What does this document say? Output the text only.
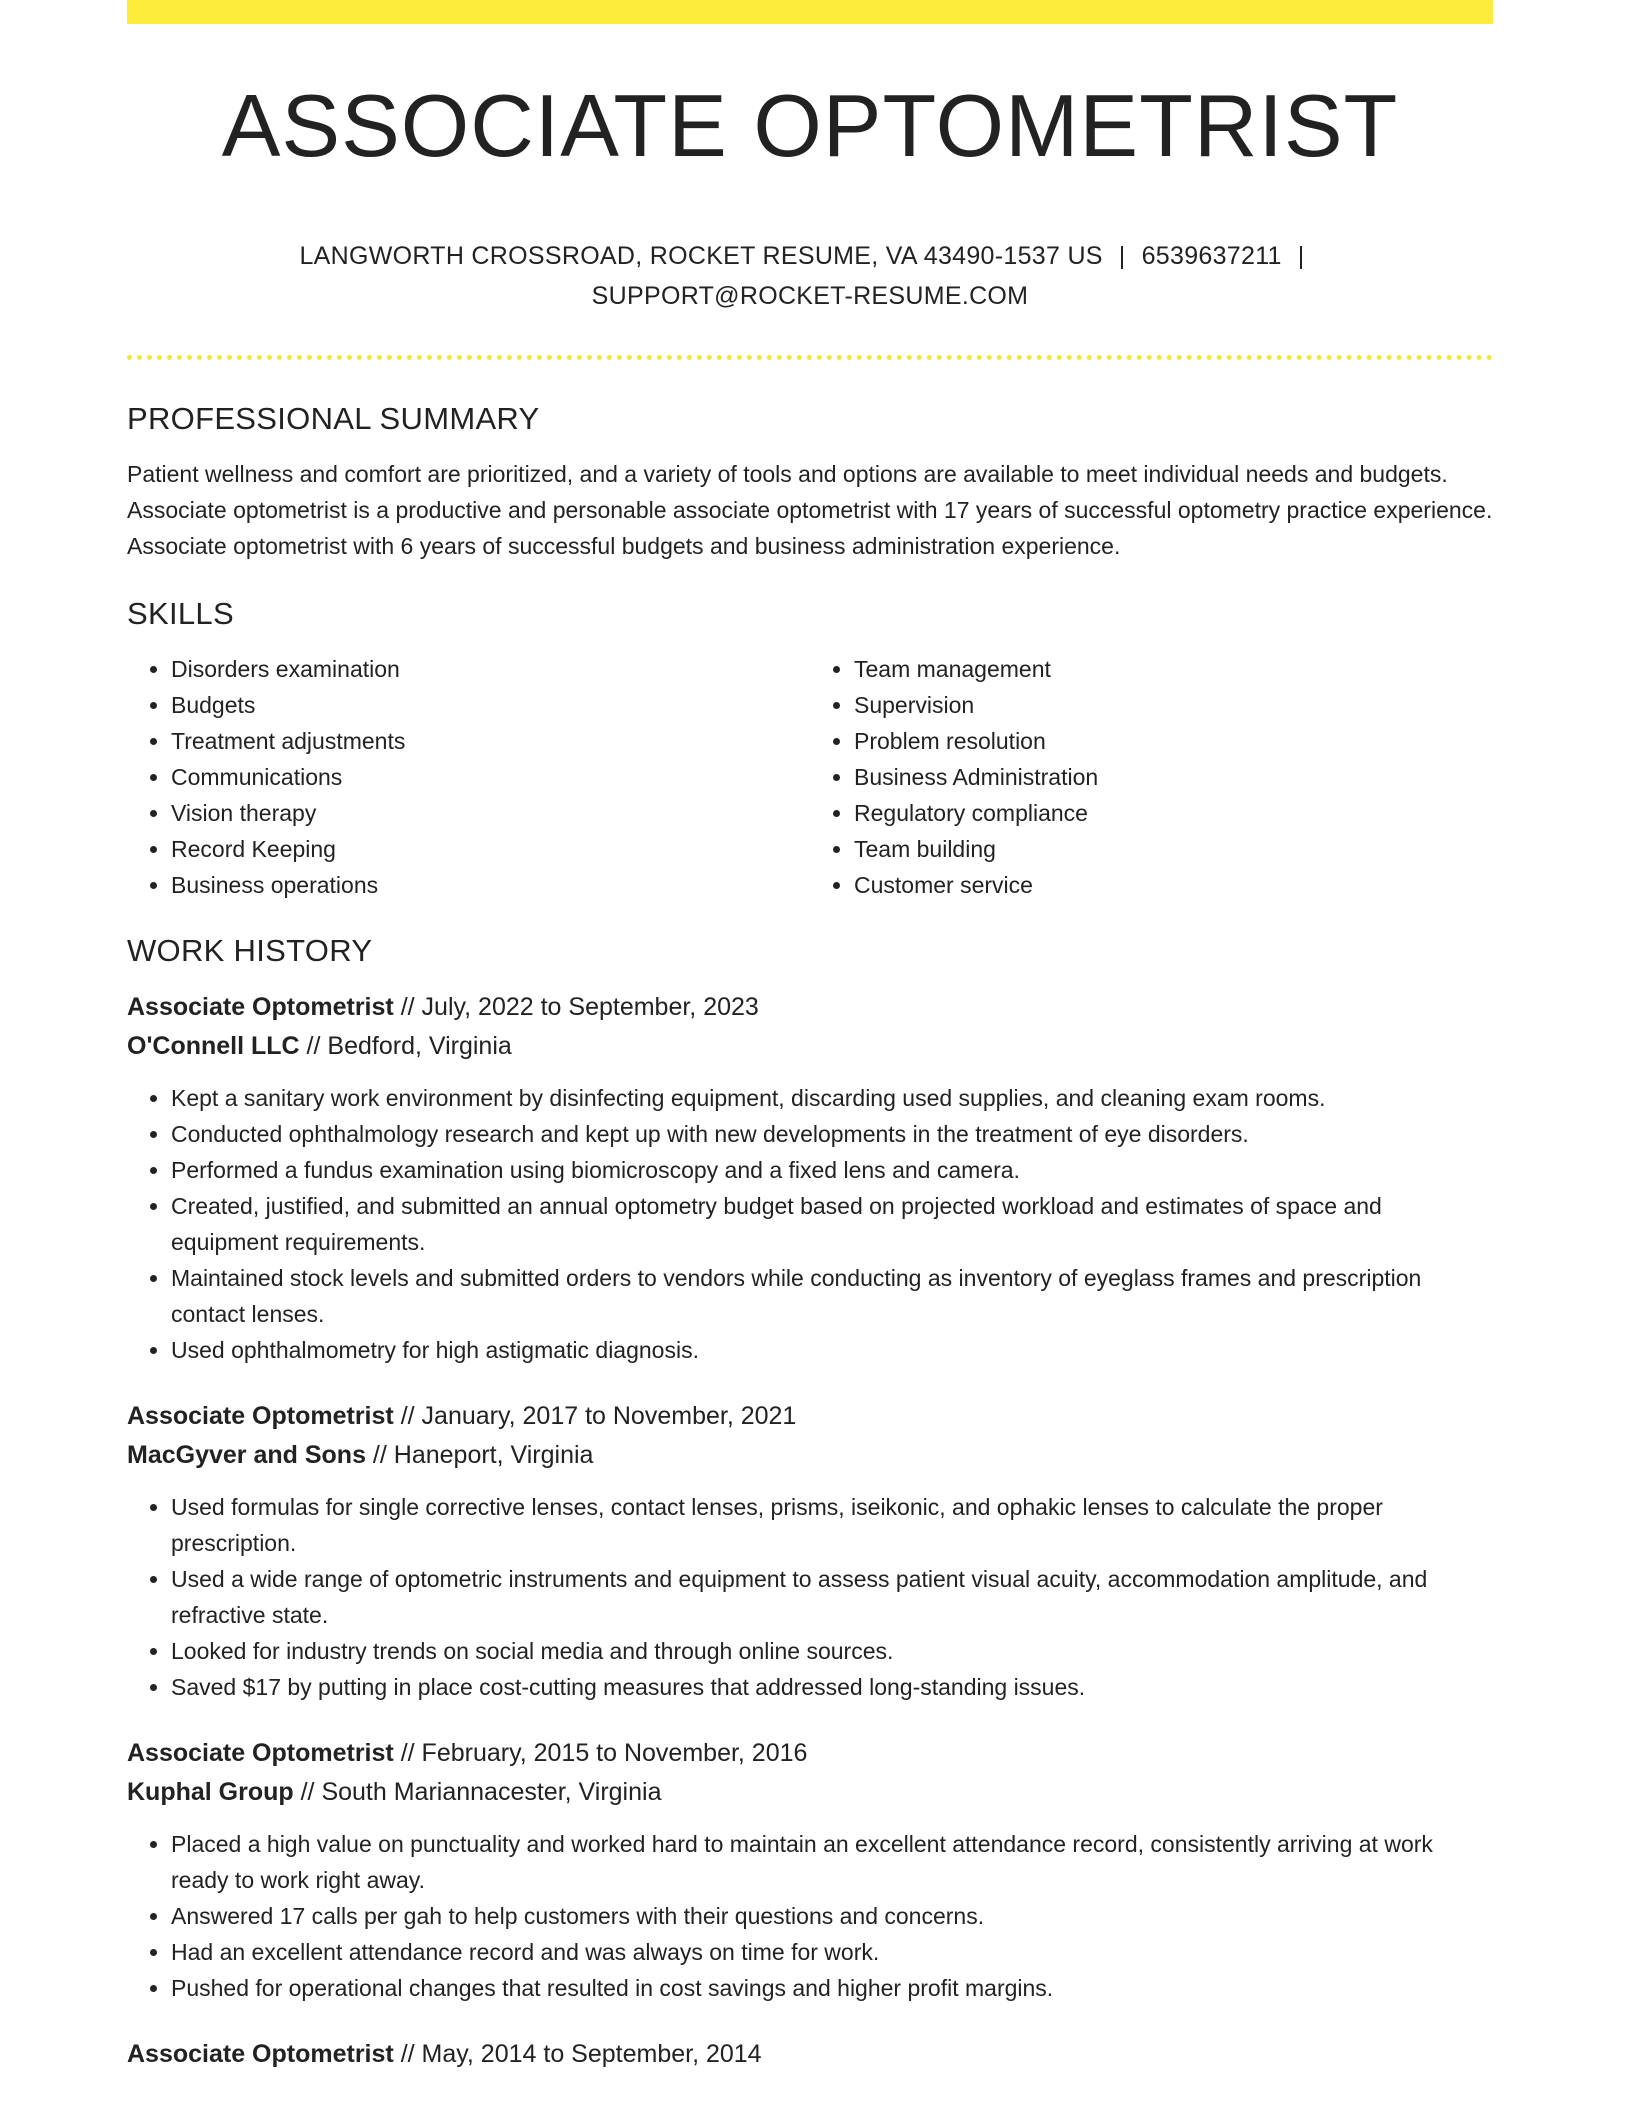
ASSOCIATE OPTOMETRIST
LANGWORTH CROSSROAD, ROCKET RESUME, VA 43490-1537 US | 6539637211 |
SUPPORT@ROCKET-RESUME.COM
PROFESSIONAL SUMMARY

Patient wellness and comfort are prioritized, and a variety of tools and options are available to meet individual needs and budgets. Associate optometrist is a productive and personable associate optometrist with 17 years of successful optometry practice experience. Associate optometrist with 6 years of successful budgets and business administration experience.

SKILLS
• Disorders examination
• Budgets
• Treatment adjustments
• Communications
• Vision therapy
• Record Keeping
• Business operations
• Team management
• Supervision
• Problem resolution
• Business Administration
• Regulatory compliance
• Team building
• Customer service
WORK HISTORY
Associate Optometrist // July, 2022 to September, 2023
O'Connell LLC // Bedford, Virginia
• Kept a sanitary work environment by disinfecting equipment, discarding used supplies, and cleaning exam rooms.
• Conducted ophthalmology research and kept up with new developments in the treatment of eye disorders.
• Performed a fundus examination using biomicroscopy and a fixed lens and camera.
• Created, justified, and submitted an annual optometry budget based on projected workload and estimates of space and equipment requirements.
• Maintained stock levels and submitted orders to vendors while conducting as inventory of eyeglass frames and prescription contact lenses.
• Used ophthalmometry for high astigmatic diagnosis.
Associate Optometrist // January, 2017 to November, 2021
MacGyver and Sons // Haneport, Virginia
• Used formulas for single corrective lenses, contact lenses, prisms, iseikonic, and ophakic lenses to calculate the proper prescription.
• Used a wide range of optometric instruments and equipment to assess patient visual acuity, accommodation amplitude, and refractive state.
• Looked for industry trends on social media and through online sources.
• Saved $17 by putting in place cost-cutting measures that addressed long-standing issues.
Associate Optometrist // February, 2015 to November, 2016
Kuphal Group // South Mariannacester, Virginia
• Placed a high value on punctuality and worked hard to maintain an excellent attendance record, consistently arriving at work ready to work right away.
• Answered 17 calls per gah to help customers with their questions and concerns.
• Had an excellent attendance record and was always on time for work.
• Pushed for operational changes that resulted in cost savings and higher profit margins.
Associate Optometrist // May, 2014 to September, 2014
